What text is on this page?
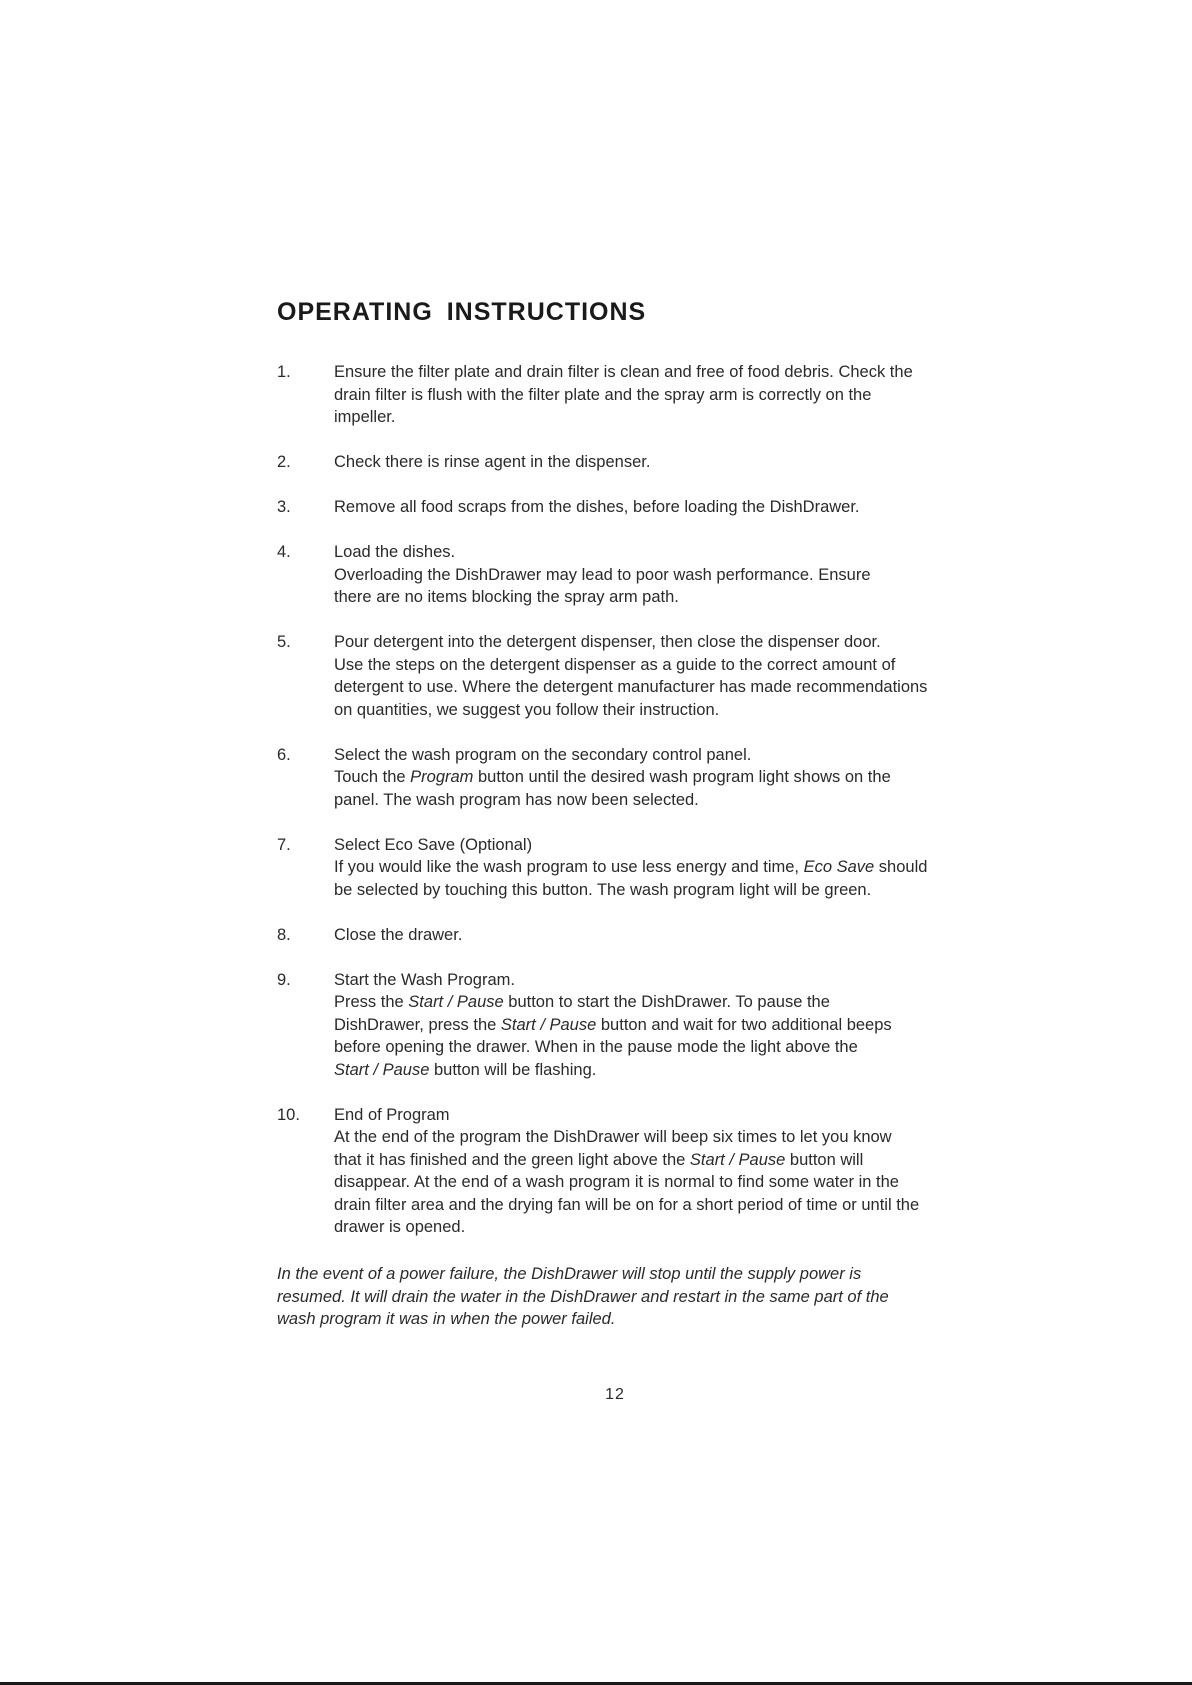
OPERATING INSTRUCTIONS
1.	Ensure the filter plate and drain filter is clean and free of food debris. Check the
drain filter is flush with the filter plate and the spray arm is correctly on the
impeller.
2.	Check there is rinse agent in the dispenser.
3.	Remove all food scraps from the dishes, before loading the DishDrawer.
4.	Load the dishes.
Overloading the DishDrawer may lead to poor wash performance. Ensure
there are no items blocking the spray arm path.
5.	Pour detergent into the detergent dispenser, then close the dispenser door.
Use the steps on the detergent dispenser as a guide to the correct amount of
detergent to use. Where the detergent manufacturer has made recommendations
on quantities, we suggest you follow their instruction.
6.	Select the wash program on the secondary control panel.
Touch the Program button until the desired wash program light shows on the
panel. The wash program has now been selected.
7.	Select Eco Save (Optional)
If you would like the wash program to use less energy and time, Eco Save should
be selected by touching this button. The wash program light will be green.
8.	Close the drawer.
9.	Start the Wash Program.
Press the Start / Pause button to start the DishDrawer. To pause the
DishDrawer, press the Start / Pause button and wait for two additional beeps
before opening the drawer. When in the pause mode the light above the
Start / Pause button will be flashing.
10. End of Program
At the end of the program the DishDrawer will beep six times to let you know
that it has finished and the green light above the Start / Pause button will
disappear. At the end of a wash program it is normal to find some water in the
drain filter area and the drying fan will be on for a short period of time or until the
drawer is opened.
In the event of a power failure, the DishDrawer will stop until the supply power is
resumed. It will drain the water in the DishDrawer and restart in the same part of the
wash program it was in when the power failed.

12
